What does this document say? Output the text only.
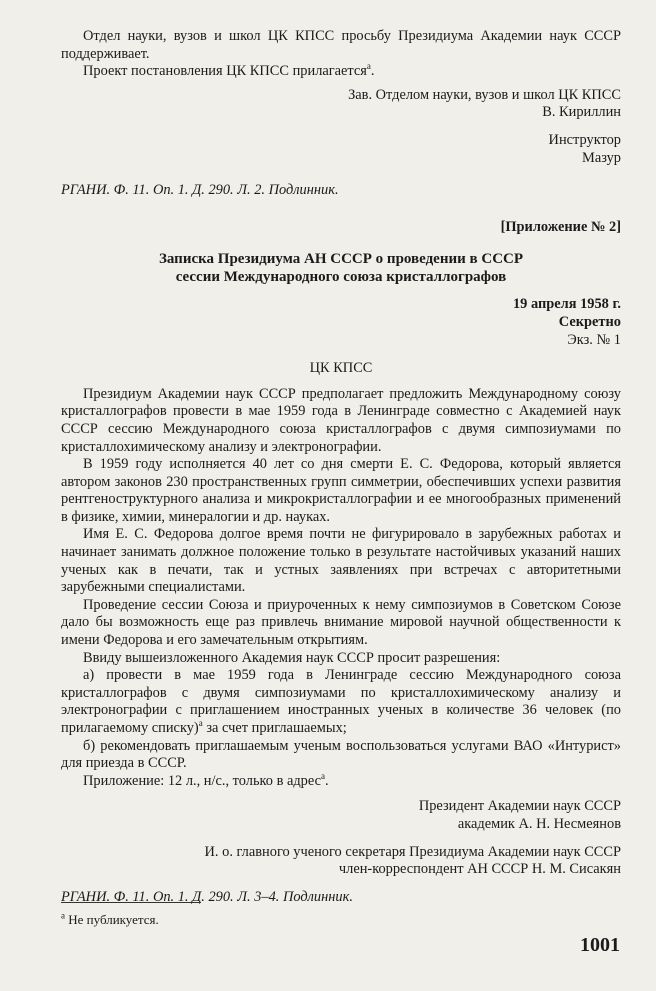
Отдел науки, вузов и школ ЦК КПСС просьбу Президиума Академии наук СССР поддерживает.

Проект постановления ЦК КПСС прилагается$^а$.

Зав. Отделом науки, вузов и школ ЦК КПСС

В. Кириллин

Инструктор

Мазур

РГАНИ. Ф. 11. Оп. 1. Д. 290. Л. 2. Подлинник.

[Приложение № 2]

Записка Президиума АН СССР о проведении в СССР

сессии Международного союза кристаллографов

19 апреля 1958 г.

Секретно

Экз. № 1

ЦК КПСС

Президиум Академии наук СССР предполагает предложить Международному союзу кристаллографов провести в мае 1959 года в Ленинграде совместно с Академией наук СССР сессию Международного союза кристаллографов с двумя симпозиумами по кристаллохимическому анализу и электронографии.

В 1959 году исполняется 40 лет со дня смерти Е. С. Федорова, который является автором законов 230 пространственных групп симметрии, обеспечивших успехи развития рентгеноструктурного анализа и микрокристаллографии и ее многообразных применений в физике, химии, минералогии и др. науках.

Имя Е. С. Федорова долгое время почти не фигурировало в зарубежных работах и начинает занимать должное положение только в результате настойчивых указаний наших ученых как в печати, так и устных заявлениях при встречах с авторитетными зарубежными специалистами.

Проведение сессии Союза и приуроченных к нему симпозиумов в Советском Союзе дало бы возможность еще раз привлечь внимание мировой научной общественности к имени Федорова и его замечательным открытиям.

Ввиду вышеизложенного Академия наук СССР просит разрешения:

а) провести в мае 1959 года в Ленинграде сессию Международного союза кристаллографов с двумя симпозиумами по кристаллохимическому анализу и электронографии с приглашением иностранных ученых в количестве 36 человек (по прилагаемому списку)$^а$ за счет приглашаемых;

б) рекомендовать приглашаемым ученым воспользоваться услугами ВАО «Интурист» для приезда в СССР.

Приложение: 12 л., н/с., только в адрес$^а$.

Президент Академии наук СССР

академик А. Н. Несмеянов

И. о. главного ученого секретаря Президиума Академии наук СССР

член-корреспондент АН СССР Н. М. Сисакян

РГАНИ. Ф. 11. Оп. 1. Д. 290. Л. 3–4. Подлинник.

$^а$ Не публикуется.

1001
